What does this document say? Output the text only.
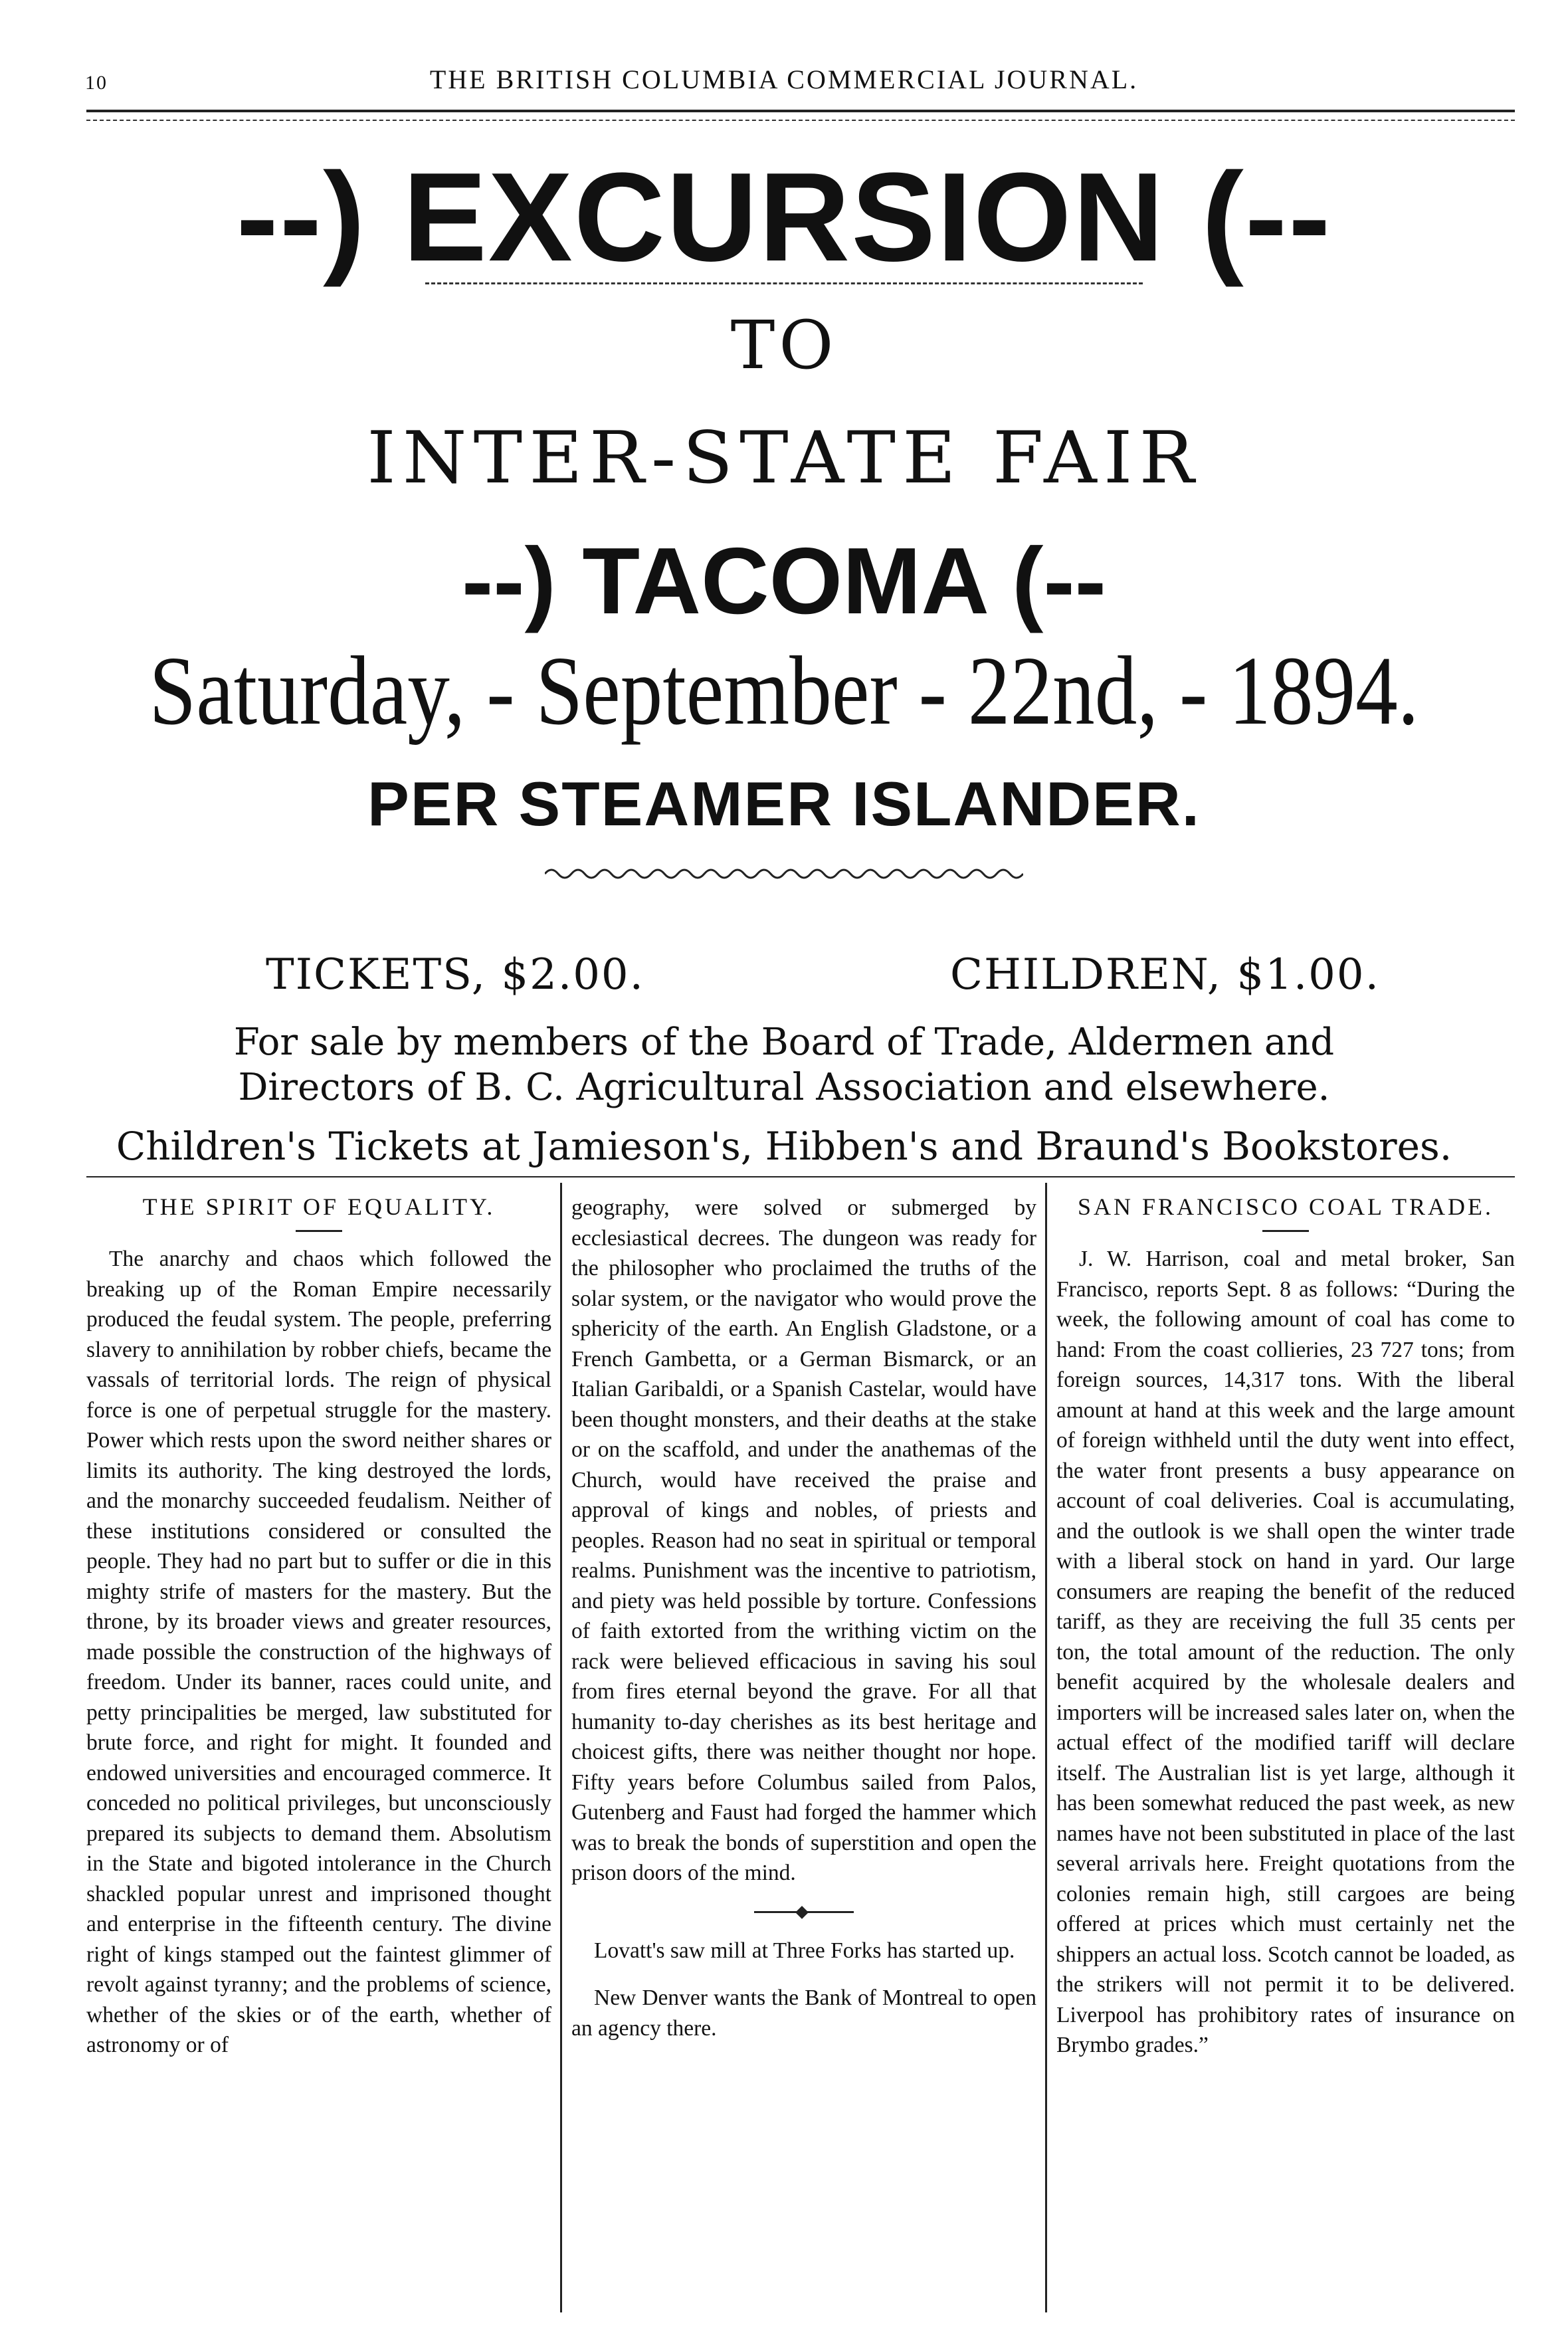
10	THE BRITISH COLUMBIA COMMERCIAL JOURNAL.
--) EXCURSION (--
TO
INTER-STATE FAIR
--) TACOMA (--
Saturday, - September - 22nd, - 1894.
PER STEAMER ISLANDER.
TICKETS, $2.00.	CHILDREN, $1.00.
For sale by members of the Board of Trade, Aldermen and Directors of B. C. Agricultural Association and elsewhere.
Children's Tickets at Jamieson's, Hibben's and Braund's Bookstores.
THE SPIRIT OF EQUALITY.

The anarchy and chaos which followed the breaking up of the Roman Empire necessarily produced the feudal system. The people, preferring slavery to annihilation by robber chiefs, became the vassals of territorial lords. The reign of physical force is one of perpetual struggle for the mastery. Power which rests upon the sword neither shares or limits its authority. The king destroyed the lords, and the monarchy succeeded feudalism. Neither of these institutions considered or consulted the people. They had no part but to suffer or die in this mighty strife of masters for the mastery. But the throne, by its broader views and greater resources, made possible the construction of the highways of freedom. Under its banner, races could unite, and petty principalities be merged, law substituted for brute force, and right for might. It founded and endowed universities and encouraged commerce. It conceded no political privileges, but unconsciously prepared its subjects to demand them. Absolutism in the State and bigoted intolerance in the Church shackled popular unrest and imprisoned thought and enterprise in the fifteenth century. The divine right of kings stamped out the faintest glimmer of revolt against tyranny; and the problems of science, whether of the skies or of the earth, whether of astronomy or of

geography, were solved or submerged by ecclesiastical decrees. The dungeon was ready for the philosopher who proclaimed the truths of the solar system, or the navigator who would prove the sphericity of the earth. An English Gladstone, or a French Gambetta, or a German Bismarck, or an Italian Garibaldi, or a Spanish Castelar, would have been thought monsters, and their deaths at the stake or on the scaffold, and under the anathemas of the Church, would have received the praise and approval of kings and nobles, of priests and peoples. Reason had no seat in spiritual or temporal realms. Punishment was the incentive to patriotism, and piety was held possible by torture. Confessions of faith extorted from the writhing victim on the rack were believed efficacious in saving his soul from fires eternal beyond the grave. For all that humanity to-day cherishes as its best heritage and choicest gifts, there was neither thought nor hope. Fifty years before Columbus sailed from Palos, Gutenberg and Faust had forged the hammer which was to break the bonds of superstition and open the prison doors of the mind.

Lovatt's saw mill at Three Forks has started up.

New Denver wants the Bank of Montreal to open an agency there.

SAN FRANCISCO COAL TRADE.

J. W. Harrison, coal and metal broker, San Francisco, reports Sept. 8 as follows: “During the week, the following amount of coal has come to hand: From the coast collieries, 23 727 tons; from foreign sources, 14,317 tons. With the liberal amount at hand at this week and the large amount of foreign withheld until the duty went into effect, the water front presents a busy appearance on account of coal deliveries. Coal is accumulating, and the outlook is we shall open the winter trade with a liberal stock on hand in yard. Our large consumers are reaping the benefit of the reduced tariff, as they are receiving the full 35 cents per ton, the total amount of the reduction. The only benefit acquired by the wholesale dealers and importers will be increased sales later on, when the actual effect of the modified tariff will declare itself. The Australian list is yet large, although it has been somewhat reduced the past week, as new names have not been substituted in place of the last several arrivals here. Freight quotations from the colonies remain high, still cargoes are being offered at prices which must certainly net the shippers an actual loss. Scotch cannot be loaded, as the strikers will not permit it to be delivered. Liverpool has prohibitory rates of insurance on Brymbo grades.”
